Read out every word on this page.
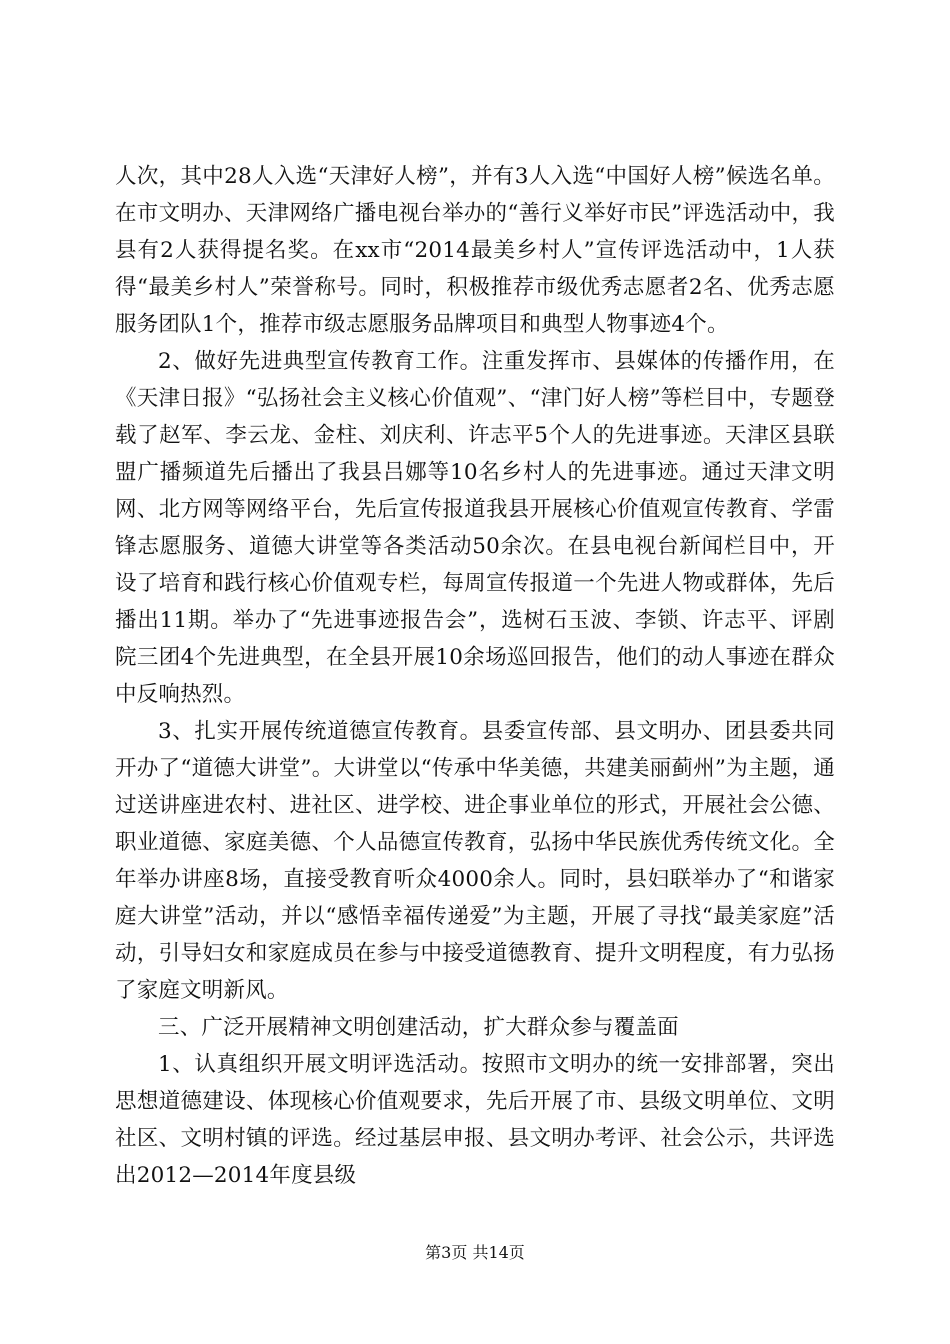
人次，其中28人入选“天津好人榜”，并有3人入选“中国好人榜”候选名单。在市文明办、天津网络广播电视台举办的“善行义举好市民”评选活动中，我县有2人获得提名奖。在xx市“2014最美乡村人”宣传评选活动中，1人获得“最美乡村人”荣誉称号。同时，积极推荐市级优秀志愿者2名、优秀志愿服务团队1个，推荐市级志愿服务品牌项目和典型人物事迹4个。

2、做好先进典型宣传教育工作。注重发挥市、县媒体的传播作用，在《天津日报》“弘扬社会主义核心价值观”、“津门好人榜”等栏目中，专题登载了赵军、李云龙、金柱、刘庆利、许志平5个人的先进事迹。天津区县联盟广播频道先后播出了我县吕娜等10名乡村人的先进事迹。通过天津文明网、北方网等网络平台，先后宣传报道我县开展核心价值观宣传教育、学雷锋志愿服务、道德大讲堂等各类活动50余次。在县电视台新闻栏目中，开设了培育和践行核心价值观专栏，每周宣传报道一个先进人物或群体，先后播出11期。举办了“先进事迹报告会”，选树石玉波、李锁、许志平、评剧院三团4个先进典型，在全县开展10余场巡回报告，他们的动人事迹在群众中反响热烈。

3、扎实开展传统道德宣传教育。县委宣传部、县文明办、团县委共同开办了“道德大讲堂”。大讲堂以“传承中华美德，共建美丽蓟州”为主题，通过送讲座进农村、进社区、进学校、进企事业单位的形式，开展社会公德、职业道德、家庭美德、个人品德宣传教育，弘扬中华民族优秀传统文化。全年举办讲座8场，直接受教育听众4000余人。同时，县妇联举办了“和谐家庭大讲堂”活动，并以“感悟幸福传递爱”为主题，开展了寻找“最美家庭”活动，引导妇女和家庭成员在参与中接受道德教育、提升文明程度，有力弘扬了家庭文明新风。

三、广泛开展精神文明创建活动，扩大群众参与覆盖面

1、认真组织开展文明评选活动。按照市文明办的统一安排部署，突出思想道德建设、体现核心价值观要求，先后开展了市、县级文明单位、文明社区、文明村镇的评选。经过基层申报、县文明办考评、社会公示，共评选出2012—2014年度县级

第3页 共14页
